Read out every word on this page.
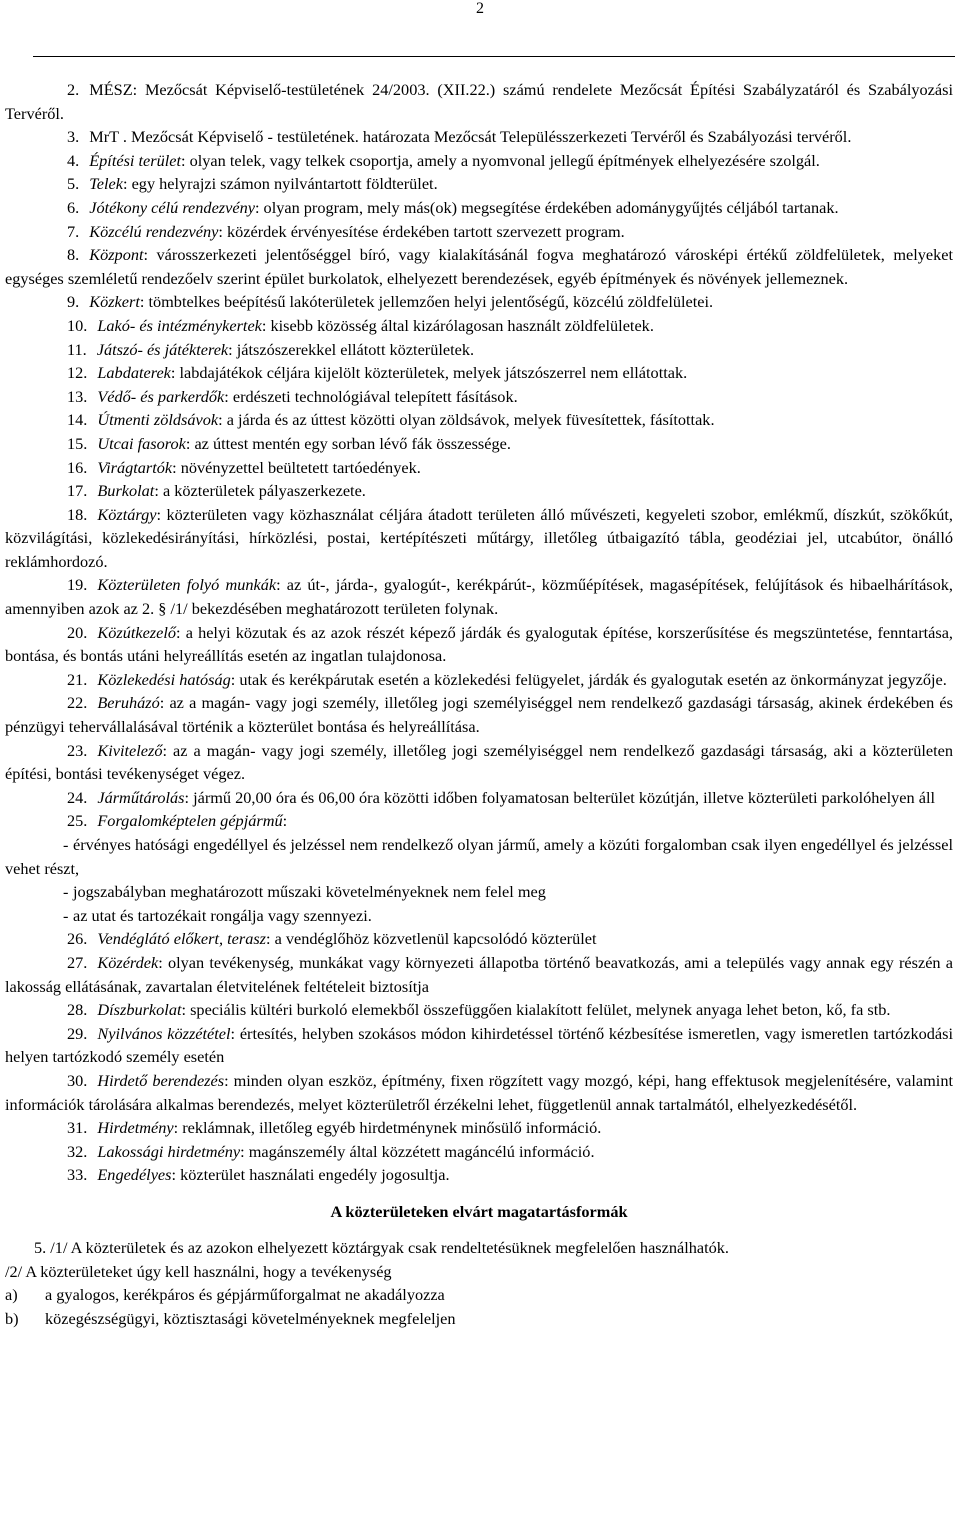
2

2. MÉSZ: Mezőcsát Képviselő-testületének 24/2003. (XII.22.) számú rendelete Mezőcsát Építési Szabályzatáról és Szabályozási Tervéről.

3. MrT . Mezőcsát Képviselő - testületének. határozata Mezőcsát Településszerkezeti Tervéről és Szabályozási tervéről.

4. Építési terület: olyan telek, vagy telkek csoportja, amely a nyomvonal jellegű építmények elhelyezésére szolgál.

5. Telek: egy helyrajzi számon nyilvántartott földterület.

6. Jótékony célú rendezvény: olyan program, mely más(ok) megsegítése érdekében adománygyűjtés céljából tartanak.

7. Közcélú rendezvény: közérdek érvényesítése érdekében tartott szervezett program.

8. Központ: városszerkezeti jelentőséggel bíró, vagy kialakításánál fogva meghatározó városképi értékű zöldfelületek, melyeket egységes szemléletű rendezőelv szerint épület burkolatok, elhelyezett berendezések, egyéb építmények és növények jellemeznek.

9. Közkert: tömbtelkes beépítésű lakóterületek jellemzően helyi jelentőségű, közcélú zöldfelületei.

10. Lakó- és intézménykertek: kisebb közösség által kizárólagosan használt zöldfelületek.

11. Játszó- és játékterek: játszószerekkel ellátott közterületek.

12. Labdaterek: labdajátékok céljára kijelölt közterületek, melyek játszószerrel nem ellátottak.

13. Védő- és parkerdők: erdészeti technológiával telepített fásítások.

14. Útmenti zöldsávok: a járda és az úttest közötti olyan zöldsávok, melyek füvesítettek, fásítottak.

15. Utcai fasorok: az úttest mentén egy sorban lévő fák összessége.

16. Virágtartók: növényzettel beültetett tartóedények.

17. Burkolat: a közterületek pályaszerkezete.

18. Köztárgy: közterületen vagy közhasználat céljára átadott területen álló művészeti, kegyeleti szobor, emlékmű, díszkút, szökőkút, közvilágítási, közlekedésirányítási, hírközlési, postai, kertépítészeti műtárgy, illetőleg útbaigazító tábla, geodéziai jel, utcabútor, önálló reklámhordozó.

19. Közterületen folyó munkák: az út-, járda-, gyalogút-, kerékpárút-, közműépítések, magasépítések, felújítások és hibaelhárítások, amennyiben azok az 2. § /1/ bekezdésében meghatározott területen folynak.

20. Közútkezelő: a helyi közutak és az azok részét képező járdák és gyalogutak építése, korszerűsítése és megszüntetése, fenntartása, bontása, és bontás utáni helyreállítás esetén az ingatlan tulajdonosa.

21. Közlekedési hatóság: utak és kerékpárutak esetén a közlekedési felügyelet, járdák és gyalogutak esetén az önkormányzat jegyzője.

22. Beruházó: az a magán- vagy jogi személy, illetőleg jogi személyiséggel nem rendelkező gazdasági társaság, akinek érdekében és pénzügyi tehervállalásával történik a közterület bontása és helyreállítása.

23. Kivitelező: az a magán- vagy jogi személy, illetőleg jogi személyiséggel nem rendelkező gazdasági társaság, aki a közterületen építési, bontási tevékenységet végez.

24. Járműtárolás: jármű 20,00 óra és 06,00 óra közötti időben folyamatosan belterület közútján, illetve közterületi parkolóhelyen áll

25. Forgalomképtelen gépjármű:

- érvényes hatósági engedéllyel és jelzéssel nem rendelkező olyan jármű, amely a közúti forgalomban csak ilyen engedéllyel és jelzéssel vehet részt,

- jogszabályban meghatározott műszaki követelményeknek nem felel meg

- az utat és tartozékait rongálja vagy szennyezi.

26. Vendéglátó előkert, terasz: a vendéglőhöz közvetlenül kapcsolódó közterület

27. Közérdek: olyan tevékenység, munkákat vagy környezeti állapotba történő beavatkozás, ami a település vagy annak egy részén a lakosság ellátásának, zavartalan életvitelének feltételeit biztosítja

28. Díszburkolat: speciális kültéri burkoló elemekből összefüggően kialakított felület, melynek anyaga lehet beton, kő, fa stb.

29. Nyilvános közzététel: értesítés, helyben szokásos módon kihirdetéssel történő kézbesítése ismeretlen, vagy ismeretlen tartózkodási helyen tartózkodó személy esetén

30. Hirdető berendezés: minden olyan eszköz, építmény, fixen rögzített vagy mozgó, képi, hang effektusok megjelenítésére, valamint információk tárolására alkalmas berendezés, melyet közterületről érzékelni lehet, függetlenül annak tartalmától, elhelyezkedésétől.

31. Hirdetmény: reklámnak, illetőleg egyéb hirdetménynek minősülő információ.

32. Lakossági hirdetmény: magánszemély által közzétett magáncélú információ.

33. Engedélyes: közterület használati engedély jogosultja.

A közterületeken elvárt magatartásformák

5. /1/ A közterületek és az azokon elhelyezett köztárgyak csak rendeltetésüknek megfelelően használhatók.

/2/ A közterületeket úgy kell használni, hogy a tevékenység

a) a gyalogos, kerékpáros és gépjárműforgalmat ne akadályozza

b) közegészségügyi, köztisztasági követelményeknek megfeleljen
